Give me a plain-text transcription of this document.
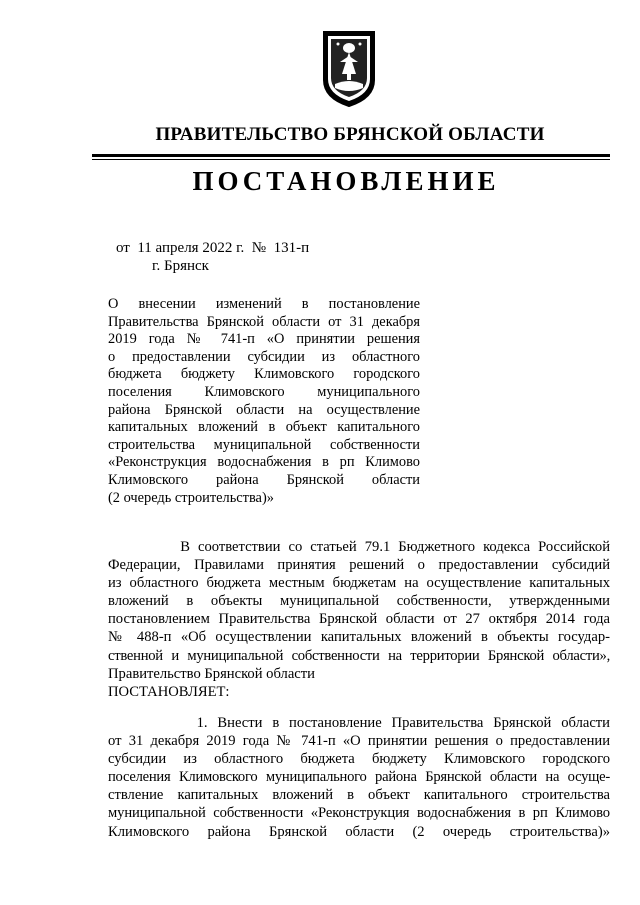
ПРАВИТЕЛЬСТВО БРЯНСКОЙ ОБЛАСТИ
ПОСТАНОВЛЕНИЕ
от  11 апреля 2022 г.  №  131-п
г. Брянск
О внесении изменений в постановление
Правительства Брянской области от 31 декабря
2019 года № 741-п «О принятии решения
о предоставлении субсидии из областного
бюджета бюджету Климовского городского
поселения Климовского муниципального
района Брянской области на осуществление
капитальных вложений в объект капитального
строительства муниципальной собственности
«Реконструкция водоснабжения в рп Климово
Климовского района Брянской области
(2 очередь строительства)»
В соответствии со статьей 79.1 Бюджетного кодекса Российской
Федерации, Правилами принятия решений о предоставлении субсидий
из областного бюджета местным бюджетам на осуществление капитальных
вложений в объекты муниципальной собственности, утвержденными
постановлением Правительства Брянской области от 27 октября 2014 года
№ 488-п «Об осуществлении капитальных вложений в объекты государ-
ственной и муниципальной собственности на территории Брянской области»,
Правительство Брянской области
ПОСТАНОВЛЯЕТ:
1. Внести в постановление Правительства Брянской области
от 31 декабря 2019 года № 741-п «О принятии решения о предоставлении
субсидии из областного бюджета бюджету Климовского городского
поселения Климовского муниципального района Брянской области на осуще-
ствление капитальных вложений в объект капитального строительства
муниципальной собственности «Реконструкция водоснабжения в рп Климово
Климовского района Брянской области (2 очередь строительства)»
